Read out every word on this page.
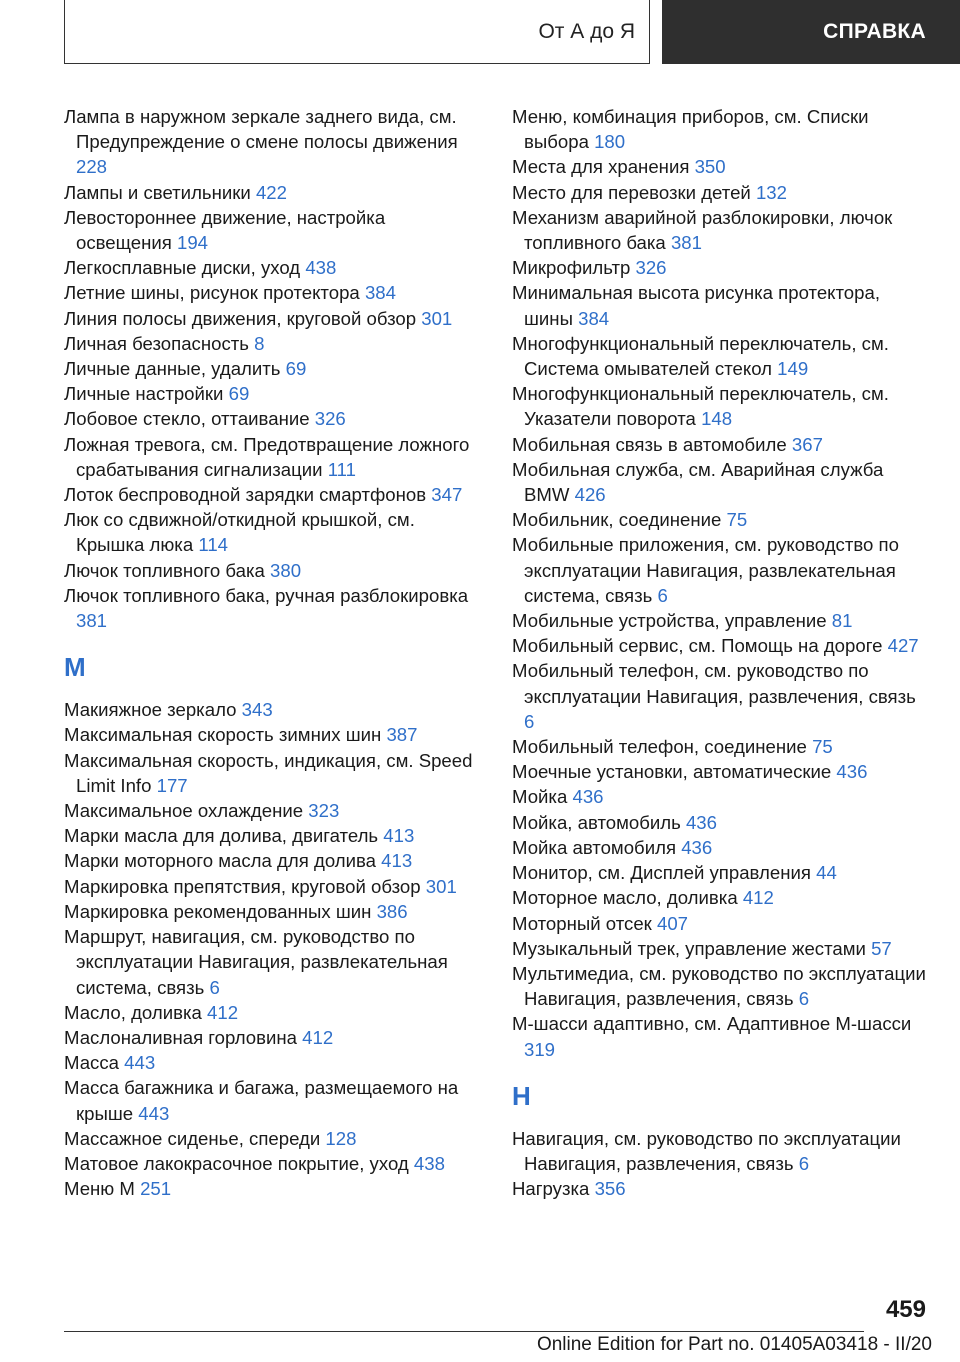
От А до Я	СПРАВКА
Лампа в наружном зеркале заднего вида, см. Предупреждение о смене полосы движения 228
Лампы и светильники 422
Левостороннее движение, настройка освещения 194
Легкосплавные диски, уход 438
Летние шины, рисунок протектора 384
Линия полосы движения, круговой обзор 301
Личная безопасность 8
Личные данные, удалить 69
Личные настройки 69
Лобовое стекло, оттаивание 326
Ложная тревога, см. Предотвращение ложного срабатывания сигнализации 111
Лоток беспроводной зарядки смартфонов 347
Люк со сдвижной/откидной крышкой, см. Крышка люка 114
Лючок топливного бака 380
Лючок топливного бака, ручная разблокировка 381
М
Макияжное зеркало 343
Максимальная скорость зимних шин 387
Максимальная скорость, индикация, см. Speed Limit Info 177
Максимальное охлаждение 323
Марки масла для долива, двигатель 413
Марки моторного масла для долива 413
Маркировка препятствия, круговой обзор 301
Маркировка рекомендованных шин 386
Маршрут, навигация, см. руководство по эксплуатации Навигация, развлекательная система, связь 6
Масло, доливка 412
Маслоналивная горловина 412
Масса 443
Масса багажника и багажа, размещаемого на крыше 443
Массажное сиденье, спереди 128
Матовое лакокрасочное покрытие, уход 438
Меню M 251
Меню, комбинация приборов, см. Списки выбора 180
Места для хранения 350
Место для перевозки детей 132
Механизм аварийной разблокировки, лючок топливного бака 381
Микрофильтр 326
Минимальная высота рисунка протектора, шины 384
Многофункциональный переключатель, см. Система омывателей стекол 149
Многофункциональный переключатель, см. Указатели поворота 148
Мобильная связь в автомобиле 367
Мобильная служба, см. Аварийная служба BMW 426
Мобильник, соединение 75
Мобильные приложения, см. руководство по эксплуатации Навигация, развлекательная система, связь 6
Мобильные устройства, управление 81
Мобильный сервис, см. Помощь на дороге 427
Мобильный телефон, см. руководство по эксплуатации Навигация, развлечения, связь 6
Мобильный телефон, соединение 75
Моечные установки, автоматические 436
Мойка 436
Мойка, автомобиль 436
Мойка автомобиля 436
Монитор, см. Дисплей управления 44
Моторное масло, доливка 412
Моторный отсек 407
Музыкальный трек, управление жестами 57
Мультимедиа, см. руководство по эксплуатации Навигация, развлечения, связь 6
М-шасси адаптивно, см. Адаптивное М-шасси 319
Н
Навигация, см. руководство по эксплуатации Навигация, развлечения, связь 6
Нагрузка 356
459
Online Edition for Part no. 01405A03418 - II/20
